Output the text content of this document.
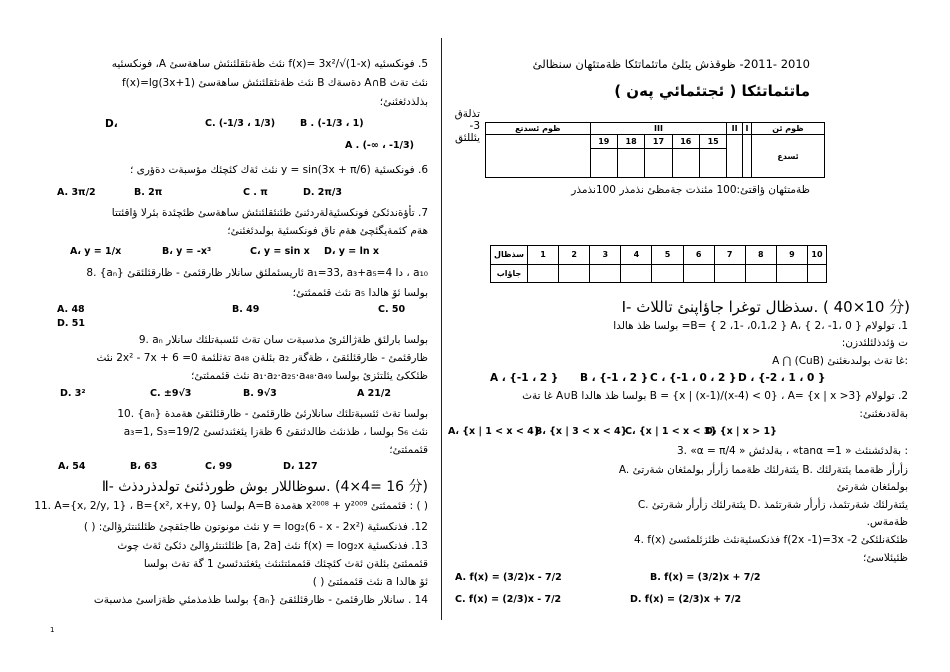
2010 -2011- ظوقذش يئلئ ماتئماتئكا ظةمتئهان سنظالئ
ماتئماتئكا ( ئجتئمائي پەن )
تذلةق 3- يئللئق
ظوم ئسدتع	III					II	I	ظوم ئن
	19	18	17	16	15			ئسدع

ظةمتئهان ؤاقتئ:100 مئنذت جةمظئ نذمذر 100نذمذر
سذظال	1	2	3	4	5	6	7	8	9	10
جاؤاب										
Ⅰ- سذظال توغرا جاؤاپنئ تاللاث. ( 10×40 分)
1. تولولام { 0 ،1- ،2 } ،B= { 2 ،1- ،0،1،2 } A= بولسا ظذ هالدا
ت ؤئدذلئلئدزن:
A ⋂ (CuB) غا تةث بولىدىغئنئ:
A ، {-1 ، 2 } B ، {-1 ، 2 } C ، {-1 ، 0 ، 2 } D ، {-2 ، 1 ، 0 }
2. تولولام B = {x | (x-1)/(x-4) < 0} ، A= {x | x >3} بولسا ظذ هالدا A∪B غا تةث
بةلةدىغئنئ:
A، {x | 1 < x < 4}
B، {x | 3 < x < 4}
C، {x | 1 < x < 3}
D، {x | x > 1}
3. «α = π/4 » بةلدئش ، «tanα =1 » بةلدئشنئث :
A. يئتةرلئك ظةمما زأرأر بولمئغان شةرتئ B. زأرأر ظةمما يئتةرلئك
بولمئغان شةرتئ
C. يئتةرلئك زأرأر شةرتئ D. يئتةرلئك شةرتئمذ، زأرأر شةرتئمذ
ظةمةس.
4. f(x) فذنكسئيةنئث ظئزئلمئسئ f(2x -1)=3x -2 ظئكةنلئكئ
ظئيئلاسئ؛
A. f(x) = (3/2)x - 7/2	B. f(x) = (3/2)x + 7/2
C. f(x) = (2/3)x - 7/2	D. f(x) = (2/3)x + 7/2
5. فونكسئيە f(x)= 3x²/√(1-x) نئث ظةنئقلئنئش ساهةسئ A، فونكسئيە
f(x)=lg(3x+1) نئث ظةنئقلئنئش ساهةسئ B دةسةك A∩B نئث تةث
بذلذدئغئنئ؛
D،	C. (-1/3 ، 1/3)	B . (-1/3 ، 1)
A . (-∞ ، -1/3)
6. فونكسئية y = sin(3x + π/6) نئث ئةك كئچئك مؤسبةت دةؤرى ؛
A. 3π/2	B. 2π	C . π	D. 2π/3
7. تأؤةندئكئ فونكسئيةلةردئنئ ظئنئقلئنئش ساهةسئ ظئچئدة بئرلا ؤاقئتتا
هةم كئمةيگئچئ هةم تاق فونكسئية بولىدئغئنئ؛
A، y = 1/x	B، y = -x³	C، y = sin x D، y = ln x
8. {aₙ} ئاريسئملئق سانلار ظارقئمئ - ظارقئلئقئ a₁=33, a₃+a₅=4 دا ، a₁₀
بولسا ئۆ هالدا a₅ نئث قئممئتئ؛
A. 48	B. 49	C. 50
D. 51
9. aₙ بولسا بارلئق ظةژالئرئ مذسبةت سان تةث ئئسبةتلئك سانلار
ظارقئمئ - ظارقئلئقئ ، ظةگةر a₂ بئلةن a₄₈ تةثلئمة 2x² - 7x + 6 =0 نئث
ظئككئ يئلتئزئ بولسا a₁·a₂·a₂₅·a₄₈·a₄₉ نئث قئممئتئ؛
A 21/2
B. 9√3
C. ±9√3
D. 3²
10. {aₙ} بولسا تةث ئئسبةتلئك سانلارئئ ظارقئمئ - ظارقئلئقئ هةمدة
a₃=1, S₃=19/2 بولسا ، ظذنئث ظالدئنقئ 6 ظةزا يئغئندئسئ S₆ نئث
قئممئتئ؛
A، 54	B، 63	C، 99	D، 127
Ⅱ- سوظاللار بوش ظورذئنئ تولدذردذث. (16 =4×4 分)
11. A={x, 2/y, 1} ، B={x², x+y, 0} بولسا A=B هةمدة x²⁰⁰⁸ + y²⁰⁰⁹ قئممئتئ : ( )
12. فذنكسئية y = log₂(6 - x - 2x²) نئث مونوتون ظاجئقچئ ظئلئنتئرؤالئ: ( )
13. فذنكسئية f(x) = log₂x نئث [a, 2a] ظئلئنتئرؤالئ دئكئ ئةث چوث
قئممئتئ بئلةن ئةث كئچئك قئممئتئنئث يئغئندئسئ 1 گة تةث بولسا
ئۆ هالدا a نئث قئممئتئ ( )
14 . سانلار ظارقئمئ - ظارقئلئقئ {aₙ} بولسا ظذمذمئي ظةزاسئ مذسبةت
1
